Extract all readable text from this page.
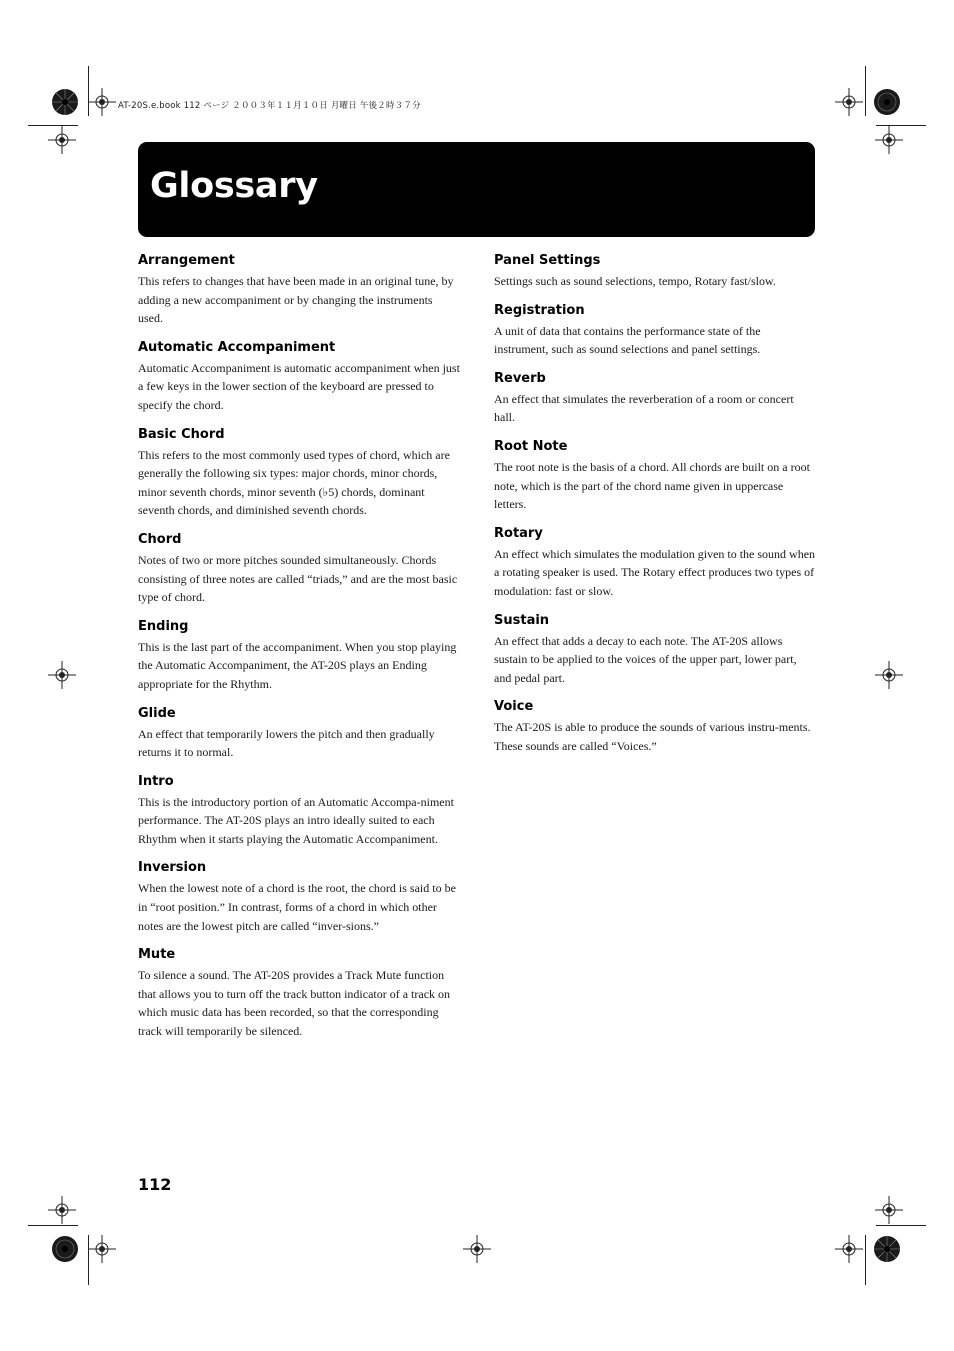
AT-20S.e.book 112 ページ ２００３年１１月１０日 月曜日 午後２時３７分
Glossary
Arrangement

This refers to changes that have been made in an original tune, by adding a new accompaniment or by changing the instruments used.

Automatic Accompaniment

Automatic Accompaniment is automatic accompaniment when just a few keys in the lower section of the keyboard are pressed to specify the chord.

Basic Chord

This refers to the most commonly used types of chord, which are generally the following six types: major chords, minor chords, minor seventh chords, minor seventh (♭5) chords, dominant seventh chords, and diminished seventh chords.

Chord

Notes of two or more pitches sounded simultaneously. Chords consisting of three notes are called “triads,” and are the most basic type of chord.

Ending

This is the last part of the accompaniment. When you stop playing the Automatic Accompaniment, the AT-20S plays an Ending appropriate for the Rhythm.

Glide

An effect that temporarily lowers the pitch and then gradually returns it to normal.

Intro

This is the introductory portion of an Automatic Accompa-niment performance. The AT-20S plays an intro ideally suited to each Rhythm when it starts playing the Automatic Accompaniment.

Inversion

When the lowest note of a chord is the root, the chord is said to be in “root position.” In contrast, forms of a chord in which other notes are the lowest pitch are called “inver-sions.”

Mute

To silence a sound. The AT-20S provides a Track Mute function that allows you to turn off the track button indicator of a track on which music data has been recorded, so that the corresponding track will temporarily be silenced.

Panel Settings

Settings such as sound selections, tempo, Rotary fast/slow.

Registration

A unit of data that contains the performance state of the instrument, such as sound selections and panel settings.

Reverb

An effect that simulates the reverberation of a room or concert hall.

Root Note

The root note is the basis of a chord. All chords are built on a root note, which is the part of the chord name given in uppercase letters.

Rotary

An effect which simulates the modulation given to the sound when a rotating speaker is used. The Rotary effect produces two types of modulation: fast or slow.

Sustain

An effect that adds a decay to each note. The AT-20S allows sustain to be applied to the voices of the upper part, lower part, and pedal part.

Voice

The AT-20S is able to produce the sounds of various instru-ments. These sounds are called “Voices.”

112
